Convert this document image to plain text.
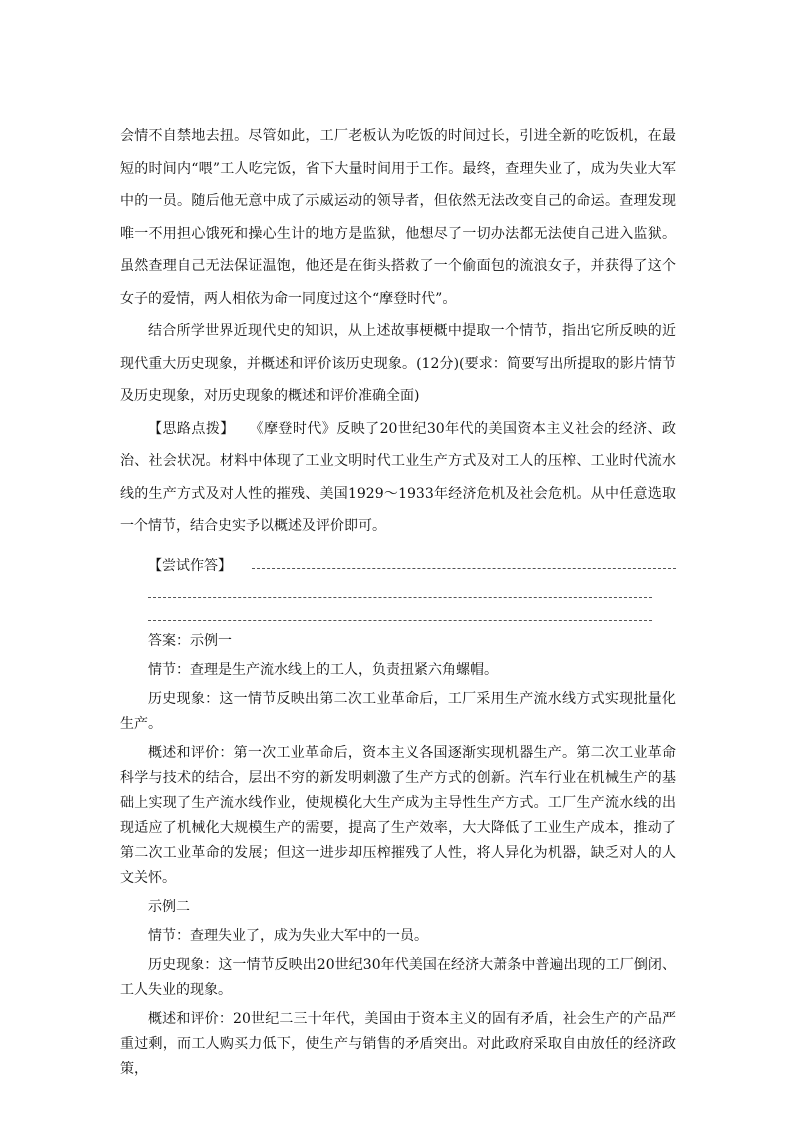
会情不自禁地去扭。尽管如此，工厂老板认为吃饭的时间过长，引进全新的吃饭机，在最短的时间内“喂”工人吃完饭，省下大量时间用于工作。最终，查理失业了，成为失业大军中的一员。随后他无意中成了示威运动的领导者，但依然无法改变自己的命运。查理发现唯一不用担心饿死和操心生计的地方是监狱，他想尽了一切办法都无法使自己进入监狱。虽然查理自己无法保证温饱，他还是在街头搭救了一个偷面包的流浪女子，并获得了这个女子的爱情，两人相依为命一同度过这个“摩登时代”。

结合所学世界近现代史的知识，从上述故事梗概中提取一个情节，指出它所反映的近现代重大历史现象，并概述和评价该历史现象。(12分)(要求：简要写出所提取的影片情节及历史现象，对历史现象的概述和评价准确全面)

【思路点拨】 《摩登时代》反映了20世纪30年代的美国资本主义社会的经济、政治、社会状况。材料中体现了工业文明时代工业生产方式及对工人的压榨、工业时代流水线的生产方式及对人性的摧残、美国1929～1933年经济危机及社会危机。从中任意选取一个情节，结合史实予以概述及评价即可。

【尝试作答】

答案：示例一

情节：查理是生产流水线上的工人，负责扭紧六角螺帽。

历史现象：这一情节反映出第二次工业革命后，工厂采用生产流水线方式实现批量化生产。

概述和评价：第一次工业革命后，资本主义各国逐渐实现机器生产。第二次工业革命科学与技术的结合，层出不穷的新发明刺激了生产方式的创新。汽车行业在机械生产的基础上实现了生产流水线作业，使规模化大生产成为主导性生产方式。工厂生产流水线的出现适应了机械化大规模生产的需要，提高了生产效率，大大降低了工业生产成本，推动了第二次工业革命的发展；但这一进步却压榨摧残了人性，将人异化为机器，缺乏对人的人文关怀。

示例二

情节：查理失业了，成为失业大军中的一员。

历史现象：这一情节反映出20世纪30年代美国在经济大萧条中普遍出现的工厂倒闭、工人失业的现象。

概述和评价：20世纪二三十年代，美国由于资本主义的固有矛盾，社会生产的产品严重过剩，而工人购买力低下，使生产与销售的矛盾突出。对此政府采取自由放任的经济政策，
